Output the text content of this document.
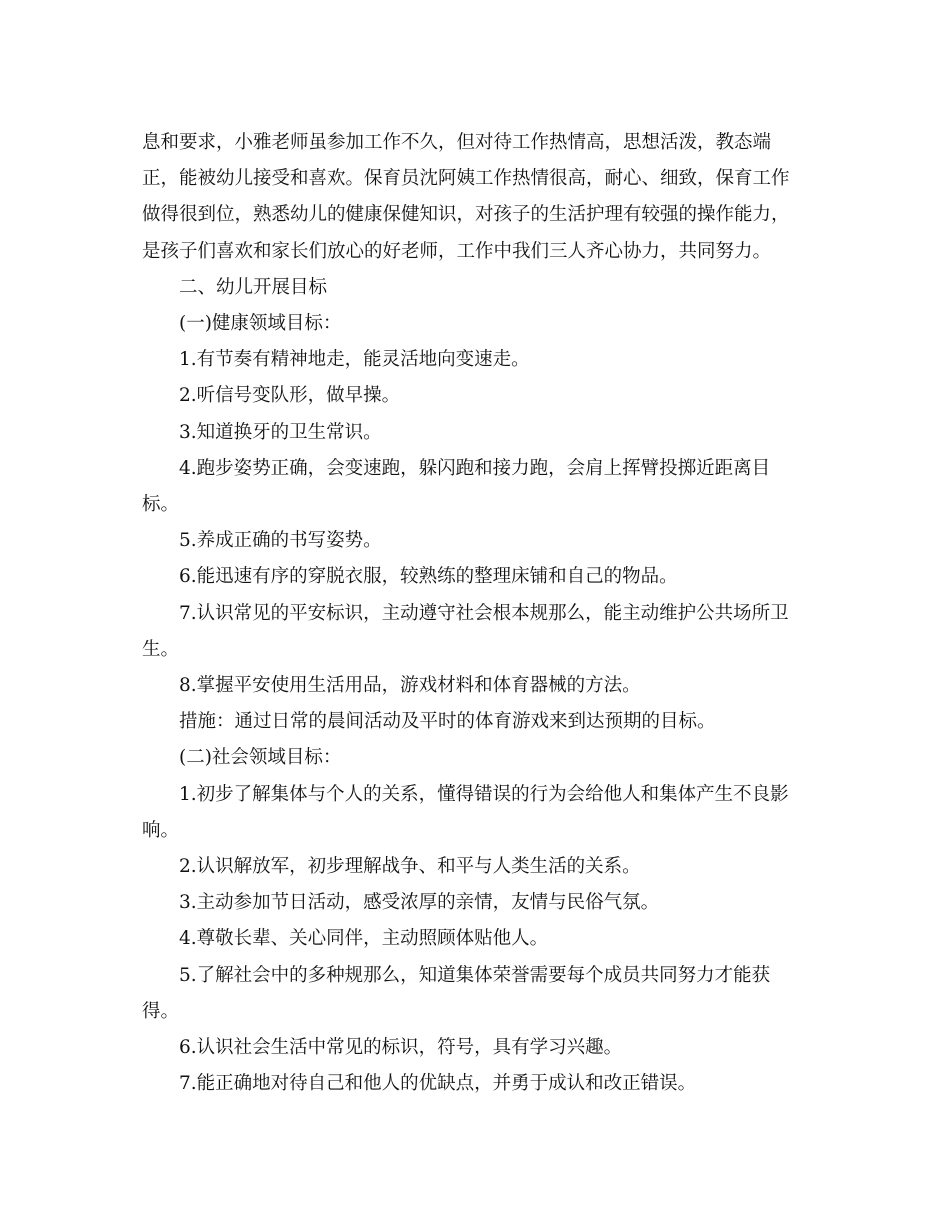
息和要求，小雅老师虽参加工作不久，但对待工作热情高，思想活泼，教态端正，能被幼儿接受和喜欢。保育员沈阿姨工作热情很高，耐心、细致，保育工作做得很到位，熟悉幼儿的健康保健知识，对孩子的生活护理有较强的操作能力，是孩子们喜欢和家长们放心的好老师，工作中我们三人齐心协力，共同努力。

二、幼儿开展目标

(一)健康领域目标：

1.有节奏有精神地走，能灵活地向变速走。

2.听信号变队形，做早操。

3.知道换牙的卫生常识。

4.跑步姿势正确，会变速跑，躲闪跑和接力跑，会肩上挥臂投掷近距离目标。

5.养成正确的书写姿势。

6.能迅速有序的穿脱衣服，较熟练的整理床铺和自己的物品。

7.认识常见的平安标识，主动遵守社会根本规那么，能主动维护公共场所卫生。

8.掌握平安使用生活用品，游戏材料和体育器械的方法。

措施：通过日常的晨间活动及平时的体育游戏来到达预期的目标。

(二)社会领域目标：

1.初步了解集体与个人的关系，懂得错误的行为会给他人和集体产生不良影响。

2.认识解放军，初步理解战争、和平与人类生活的关系。

3.主动参加节日活动，感受浓厚的亲情，友情与民俗气氛。

4.尊敬长辈、关心同伴，主动照顾体贴他人。

5.了解社会中的多种规那么，知道集体荣誉需要每个成员共同努力才能获得。

6.认识社会生活中常见的标识，符号，具有学习兴趣。

7.能正确地对待自己和他人的优缺点，并勇于成认和改正错误。
